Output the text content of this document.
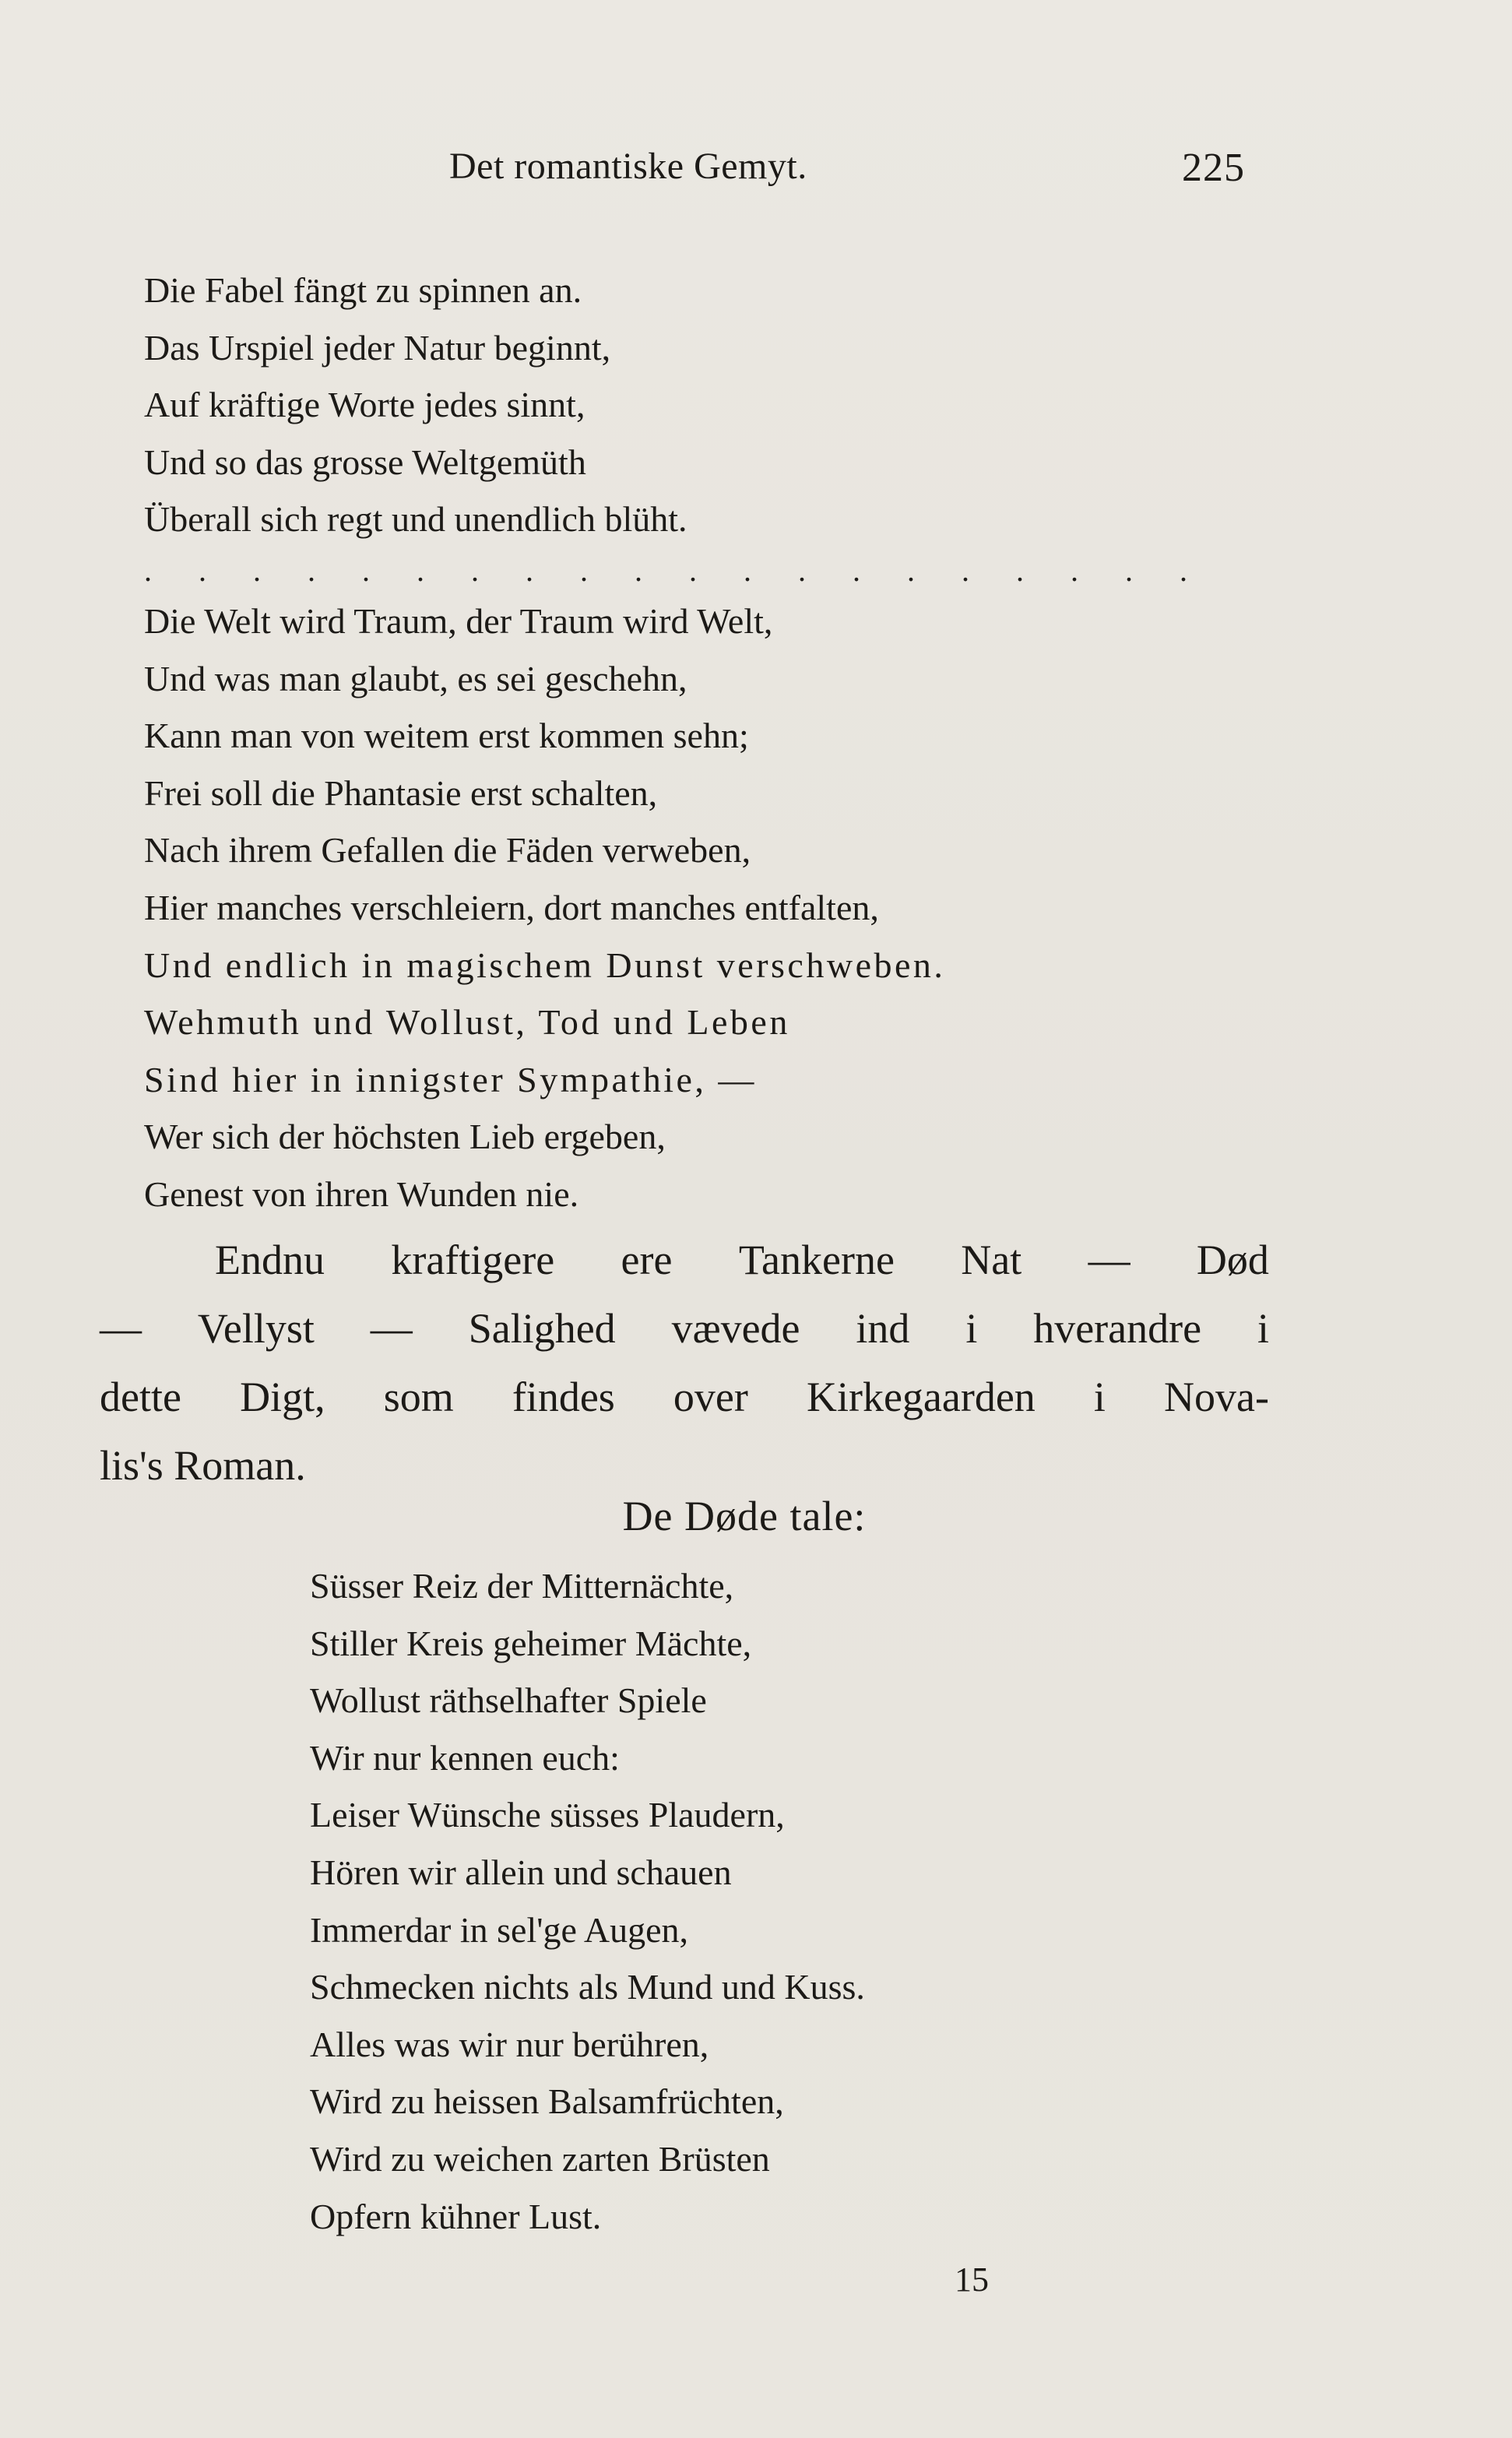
Det romantiske Gemyt.	225
Die Fabel fängt zu spinnen an.
Das Urspiel jeder Natur beginnt,
Auf kräftige Worte jedes sinnt,
Und so das grosse Weltgemüth
Überall sich regt und unendlich blüht.
. . . . . . . . . . . . . . . . . . . .
Die Welt wird Traum, der Traum wird Welt,
Und was man glaubt, es sei geschehn,
Kann man von weitem erst kommen sehn;
Frei soll die Phantasie erst schalten,
Nach ihrem Gefallen die Fäden verweben,
Hier manches verschleiern, dort manches entfalten,
Und endlich in magischem Dunst verschweben.
Wehmuth und Wollust, Tod und Leben
Sind hier in innigster Sympathie, —
Wer sich der höchsten Lieb ergeben,
Genest von ihren Wunden nie.
Endnu kraftigere ere Tankerne Nat — Død
— Vellyst — Salighed vævede ind i hverandre i
dette Digt, som findes over Kirkegaarden i Nova-
lis's Roman.
De Døde tale:
Süsser Reiz der Mitternächte,
Stiller Kreis geheimer Mächte,
Wollust räthselhafter Spiele
Wir nur kennen euch:
Leiser Wünsche süsses Plaudern,
Hören wir allein und schauen
Immerdar in sel'ge Augen,
Schmecken nichts als Mund und Kuss.
Alles was wir nur berühren,
Wird zu heissen Balsamfrüchten,
Wird zu weichen zarten Brüsten
Opfern kühner Lust.
15
